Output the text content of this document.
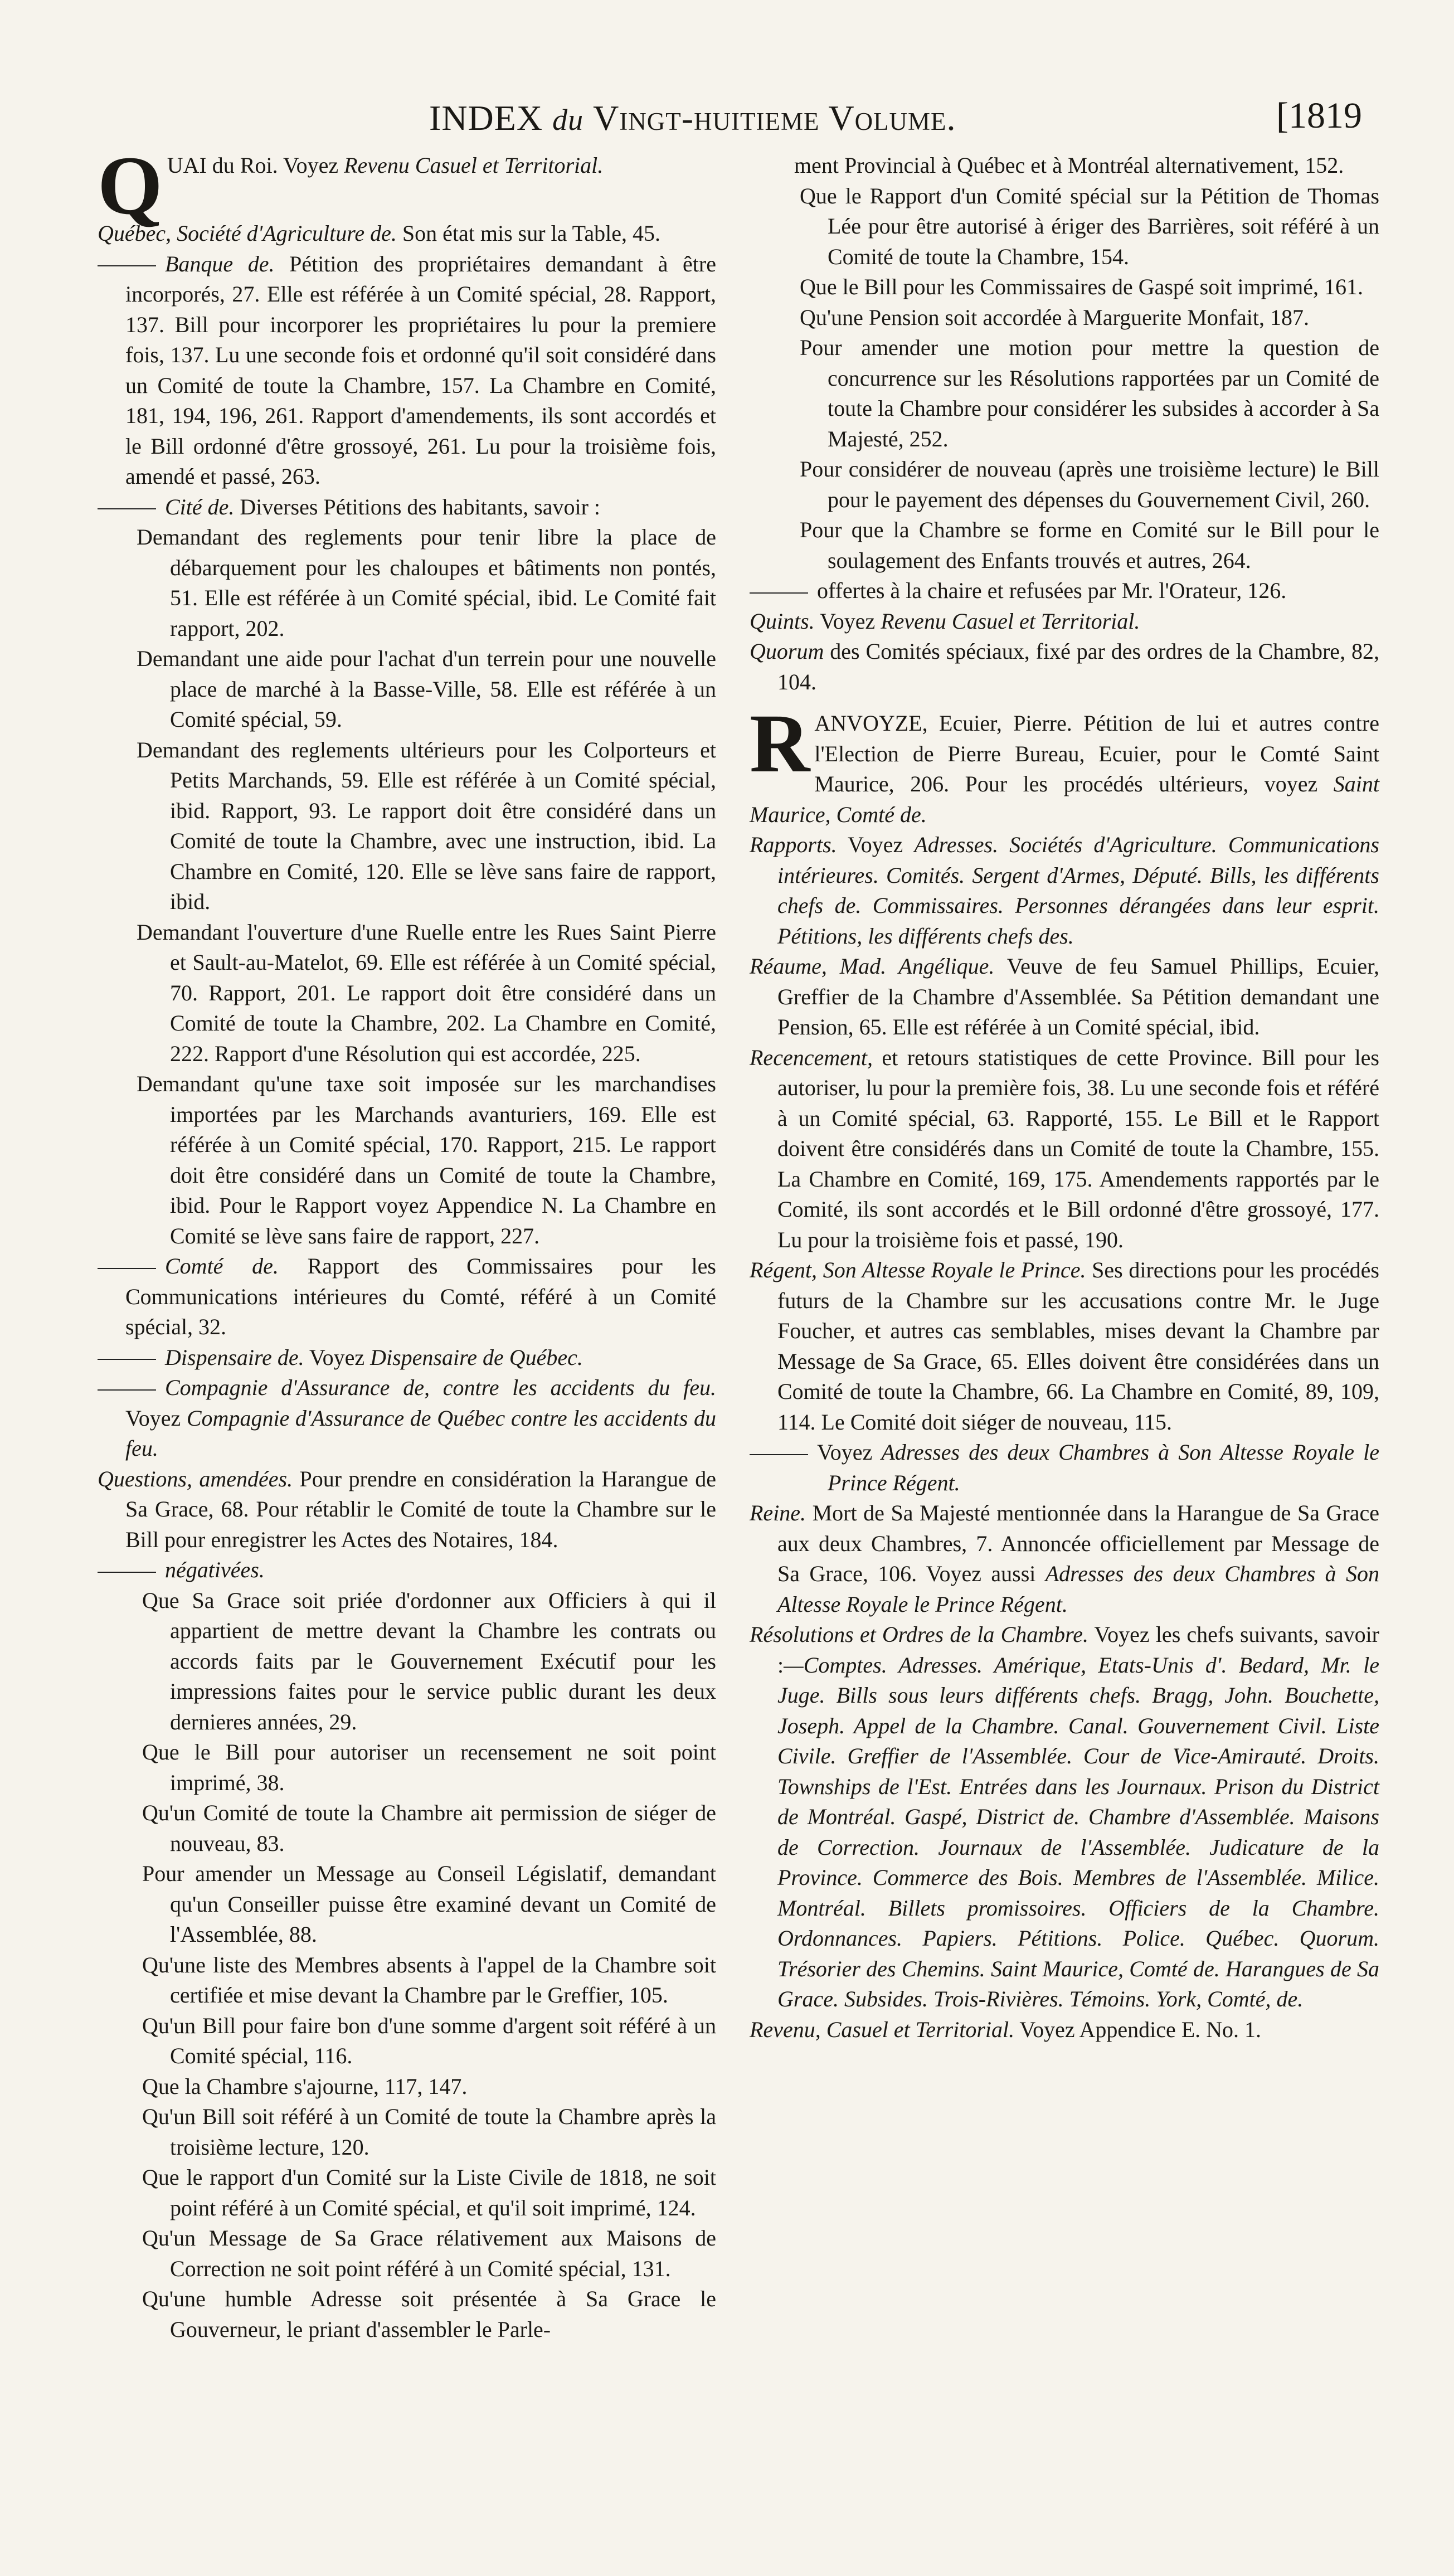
INDEX du Vingt-huitieme Volume.	[1819

QUAI du Roi. Voyez Revenu Casuel et Territorial.

Québec, Société d'Agriculture de. Son état mis sur la Table, 45.

Banque de. Pétition des propriétaires demandant à être incorporés, 27. Elle est référée à un Comité spécial, 28. Rapport, 137. Bill pour incorporer les propriétaires lu pour la premiere fois, 137. Lu une seconde fois et ordonné qu'il soit considéré dans un Comité de toute la Chambre, 157. La Chambre en Comité, 181, 194, 196, 261. Rapport d'amendements, ils sont accordés et le Bill ordonné d'être grossoyé, 261. Lu pour la troisième fois, amendé et passé, 263.

Cité de. Diverses Pétitions des habitants, savoir :

Demandant des reglements pour tenir libre la place de débarquement pour les chaloupes et bâtiments non pontés, 51. Elle est référée à un Comité spécial, ibid. Le Comité fait rapport, 202.

Demandant une aide pour l'achat d'un terrein pour une nouvelle place de marché à la Basse-Ville, 58. Elle est référée à un Comité spécial, 59.

Demandant des reglements ultérieurs pour les Colporteurs et Petits Marchands, 59. Elle est référée à un Comité spécial, ibid. Rapport, 93. Le rapport doit être considéré dans un Comité de toute la Chambre, avec une instruction, ibid. La Chambre en Comité, 120. Elle se lève sans faire de rapport, ibid.

Demandant l'ouverture d'une Ruelle entre les Rues Saint Pierre et Sault-au-Matelot, 69. Elle est référée à un Comité spécial, 70. Rapport, 201. Le rapport doit être considéré dans un Comité de toute la Chambre, 202. La Chambre en Comité, 222. Rapport d'une Résolution qui est accordée, 225.

Demandant qu'une taxe soit imposée sur les marchandises importées par les Marchands avanturiers, 169. Elle est référée à un Comité spécial, 170. Rapport, 215. Le rapport doit être considéré dans un Comité de toute la Chambre, ibid. Pour le Rapport voyez Appendice N. La Chambre en Comité se lève sans faire de rapport, 227.

Comté de. Rapport des Commissaires pour les Communications intérieures du Comté, référé à un Comité spécial, 32.

Dispensaire de. Voyez Dispensaire de Québec.

Compagnie d'Assurance de, contre les accidents du feu. Voyez Compagnie d'Assurance de Québec contre les accidents du feu.

Questions, amendées. Pour prendre en considération la Harangue de Sa Grace, 68. Pour rétablir le Comité de toute la Chambre sur le Bill pour enregistrer les Actes des Notaires, 184.

négativées.

Que Sa Grace soit priée d'ordonner aux Officiers à qui il appartient de mettre devant la Chambre les contrats ou accords faits par le Gouvernement Exécutif pour les impressions faites pour le service public durant les deux dernieres années, 29.

Que le Bill pour autoriser un recensement ne soit point imprimé, 38.

Qu'un Comité de toute la Chambre ait permission de siéger de nouveau, 83.

Pour amender un Message au Conseil Législatif, demandant qu'un Conseiller puisse être examiné devant un Comité de l'Assemblée, 88.

Qu'une liste des Membres absents à l'appel de la Chambre soit certifiée et mise devant la Chambre par le Greffier, 105.

Qu'un Bill pour faire bon d'une somme d'argent soit référé à un Comité spécial, 116.

Que la Chambre s'ajourne, 117, 147.

Qu'un Bill soit référé à un Comité de toute la Chambre après la troisième lecture, 120.

Que le rapport d'un Comité sur la Liste Civile de 1818, ne soit point référé à un Comité spécial, et qu'il soit imprimé, 124.

Qu'un Message de Sa Grace rélativement aux Maisons de Correction ne soit point référé à un Comité spécial, 131.

Qu'une humble Adresse soit présentée à Sa Grace le Gouverneur, le priant d'assembler le Parle-

ment Provincial à Québec et à Montréal alternativement, 152.

Que le Rapport d'un Comité spécial sur la Pétition de Thomas Lée pour être autorisé à ériger des Barrières, soit référé à un Comité de toute la Chambre, 154.

Que le Bill pour les Commissaires de Gaspé soit imprimé, 161.

Qu'une Pension soit accordée à Marguerite Monfait, 187.

Pour amender une motion pour mettre la question de concurrence sur les Résolutions rapportées par un Comité de toute la Chambre pour considérer les subsides à accorder à Sa Majesté, 252.

Pour considérer de nouveau (après une troisième lecture) le Bill pour le payement des dépenses du Gouvernement Civil, 260.

Pour que la Chambre se forme en Comité sur le Bill pour le soulagement des Enfants trouvés et autres, 264.

offertes à la chaire et refusées par Mr. l'Orateur, 126.

Quints. Voyez Revenu Casuel et Territorial.

Quorum des Comités spéciaux, fixé par des ordres de la Chambre, 82, 104.

RANVOYZE, Ecuier, Pierre. Pétition de lui et autres contre l'Election de Pierre Bureau, Ecuier, pour le Comté Saint Maurice, 206. Pour les procédés ultérieurs, voyez Saint Maurice, Comté de.

Rapports. Voyez Adresses. Sociétés d'Agriculture. Communications intérieures. Comités. Sergent d'Armes, Député. Bills, les différents chefs de. Commissaires. Personnes dérangées dans leur esprit. Pétitions, les différents chefs des.

Réaume, Mad. Angélique. Veuve de feu Samuel Phillips, Ecuier, Greffier de la Chambre d'Assemblée. Sa Pétition demandant une Pension, 65. Elle est référée à un Comité spécial, ibid.

Recencement, et retours statistiques de cette Province. Bill pour les autoriser, lu pour la première fois, 38. Lu une seconde fois et référé à un Comité spécial, 63. Rapporté, 155. Le Bill et le Rapport doivent être considérés dans un Comité de toute la Chambre, 155. La Chambre en Comité, 169, 175. Amendements rapportés par le Comité, ils sont accordés et le Bill ordonné d'être grossoyé, 177. Lu pour la troisième fois et passé, 190.

Régent, Son Altesse Royale le Prince. Ses directions pour les procédés futurs de la Chambre sur les accusations contre Mr. le Juge Foucher, et autres cas semblables, mises devant la Chambre par Message de Sa Grace, 65. Elles doivent être considérées dans un Comité de toute la Chambre, 66. La Chambre en Comité, 89, 109, 114. Le Comité doit siéger de nouveau, 115.

Voyez Adresses des deux Chambres à Son Altesse Royale le Prince Régent.

Reine. Mort de Sa Majesté mentionnée dans la Harangue de Sa Grace aux deux Chambres, 7. Annoncée officiellement par Message de Sa Grace, 106. Voyez aussi Adresses des deux Chambres à Son Altesse Royale le Prince Régent.

Résolutions et Ordres de la Chambre. Voyez les chefs suivants, savoir :—Comptes. Adresses. Amérique, Etats-Unis d'. Bedard, Mr. le Juge. Bills sous leurs différents chefs. Bragg, John. Bouchette, Joseph. Appel de la Chambre. Canal. Gouvernement Civil. Liste Civile. Greffier de l'Assemblée. Cour de Vice-Amirauté. Droits. Townships de l'Est. Entrées dans les Journaux. Prison du District de Montréal. Gaspé, District de. Chambre d'Assemblée. Maisons de Correction. Journaux de l'Assemblée. Judicature de la Province. Commerce des Bois. Membres de l'Assemblée. Milice. Montréal. Billets promissoires. Officiers de la Chambre. Ordonnances. Papiers. Pétitions. Police. Québec. Quorum. Trésorier des Chemins. Saint Maurice, Comté de. Harangues de Sa Grace. Subsides. Trois-Rivières. Témoins. York, Comté, de.

Revenu, Casuel et Territorial. Voyez Appendice E. No. 1.
